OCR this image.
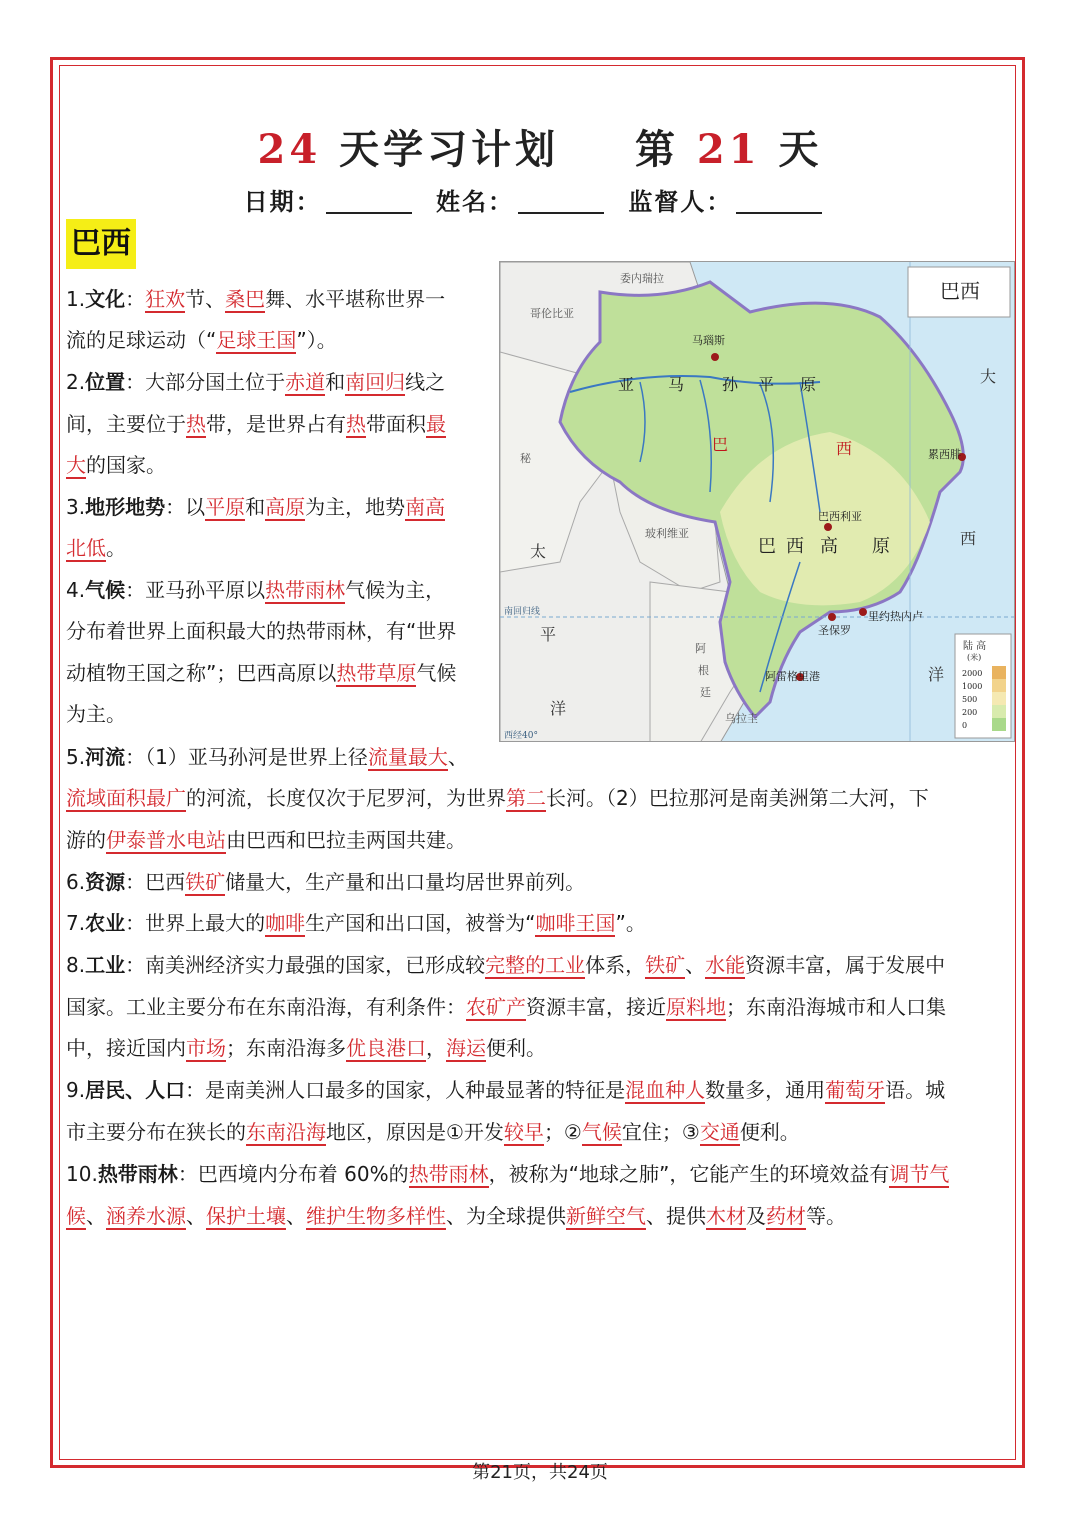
24 天学习计划 第 21 天
日期：	姓名：	监督人：
巴西
巴西
马瑙斯
累西腓
巴西利亚
里约热内卢
圣保罗
阿雷格里港
亚 马 孙 平 原
巴	西
巴 西 高 原
哥伦比亚
委内瑞拉
玻利维亚
秘
阿
根
廷
乌拉圭
大
西
洋
太
平
洋
南回归线
西经40°
陆 高
(米)
2000
1000
500
200
0
1.文化：狂欢节、桑巴舞、水平堪称世界一
流的足球运动（“足球王国”）。
2.位置：大部分国土位于赤道和南回归线之
间，主要位于热带，是世界占有热带面积最
大的国家。
3.地形地势：以平原和高原为主，地势南高
北低。
4.气候：亚马孙平原以热带雨林气候为主，
分布着世界上面积最大的热带雨林，有“世界
动植物王国之称”；巴西高原以热带草原气候
为主。
5.河流：（1）亚马孙河是世界上径流量最大、
流域面积最广的河流，长度仅次于尼罗河，为世界第二长河。（2）巴拉那河是南美洲第二大河，下
游的伊泰普水电站由巴西和巴拉圭两国共建。
6.资源：巴西铁矿储量大，生产量和出口量均居世界前列。
7.农业：世界上最大的咖啡生产国和出口国，被誉为“咖啡王国”。
8.工业：南美洲经济实力最强的国家，已形成较完整的工业体系，铁矿、水能资源丰富，属于发展中
国家。工业主要分布在东南沿海，有利条件：农矿产资源丰富，接近原料地；东南沿海城市和人口集
中，接近国内市场；东南沿海多优良港口，海运便利。
9.居民、人口：是南美洲人口最多的国家，人种最显著的特征是混血种人数量多，通用葡萄牙语。城
市主要分布在狭长的东南沿海地区，原因是①开发较早；②气候宜住；③交通便利。
10.热带雨林：巴西境内分布着 60%的热带雨林，被称为“地球之肺”，它能产生的环境效益有调节气
候、涵养水源、保护土壤、维护生物多样性、为全球提供新鲜空气、提供木材及药材等。
第21页，共24页
